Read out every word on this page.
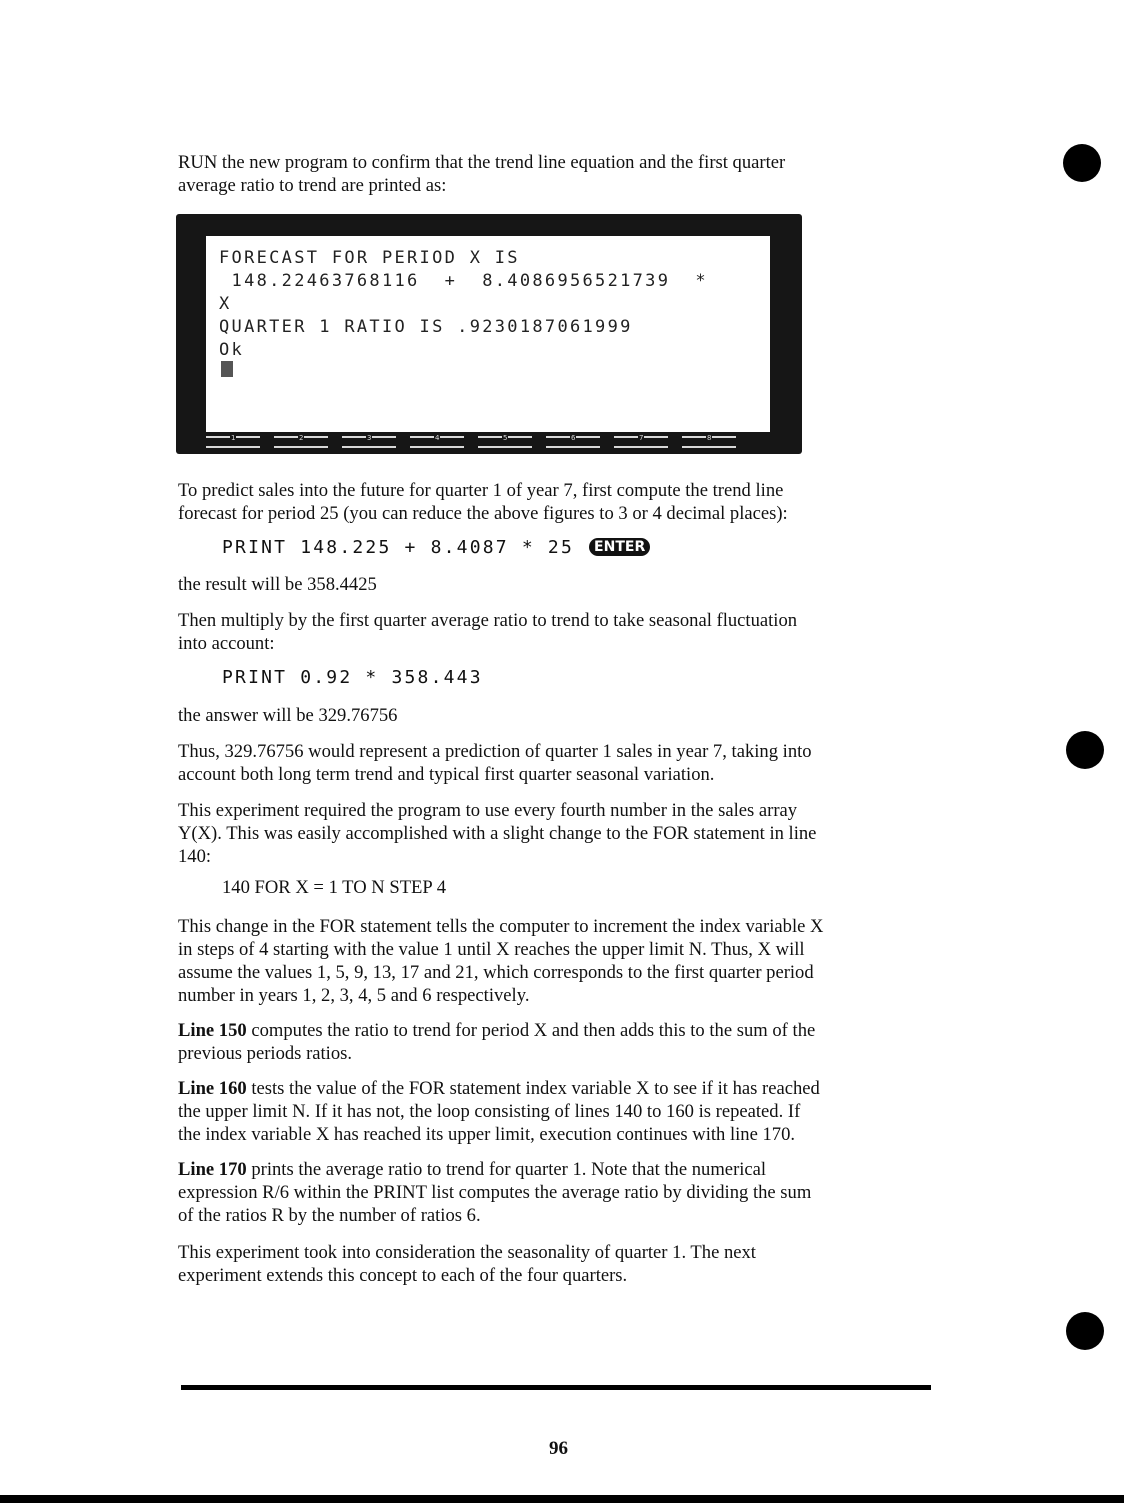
RUN the new program to confirm that the trend line equation and the first quarter
average ratio to trend are printed as:
FORECAST FOR PERIOD X IS
148.22463768116  +  8.4086956521739  *
X
QUARTER 1 RATIO IS .9230187061999
Ok
1	2	3	4	5	6	7	8
To predict sales into the future for quarter 1 of year 7, first compute the trend line
forecast for period 25 (you can reduce the above figures to 3 or 4 decimal places):
PRINT 148.225 + 8.4087 * 25 ENTER
the result will be 358.4425
Then multiply by the first quarter average ratio to trend to take seasonal fluctuation
into account:
PRINT 0.92 * 358.443
the answer will be 329.76756
Thus, 329.76756 would represent a prediction of quarter 1 sales in year 7, taking into
account both long term trend and typical first quarter seasonal variation.
This experiment required the program to use every fourth number in the sales array
Y(X). This was easily accomplished with a slight change to the FOR statement in line
140:
140 FOR X = 1 TO N STEP 4
This change in the FOR statement tells the computer to increment the index variable X
in steps of 4 starting with the value 1 until X reaches the upper limit N. Thus, X will
assume the values 1, 5, 9, 13, 17 and 21, which corresponds to the first quarter period
number in years 1, 2, 3, 4, 5 and 6 respectively.
Line 150 computes the ratio to trend for period X and then adds this to the sum of the
previous periods ratios.
Line 160 tests the value of the FOR statement index variable X to see if it has reached
the upper limit N. If it has not, the loop consisting of lines 140 to 160 is repeated. If
the index variable X has reached its upper limit, execution continues with line 170.
Line 170 prints the average ratio to trend for quarter 1. Note that the numerical
expression R/6 within the PRINT list computes the average ratio by dividing the sum
of the ratios R by the number of ratios 6.
This experiment took into consideration the seasonality of quarter 1. The next
experiment extends this concept to each of the four quarters.
96
